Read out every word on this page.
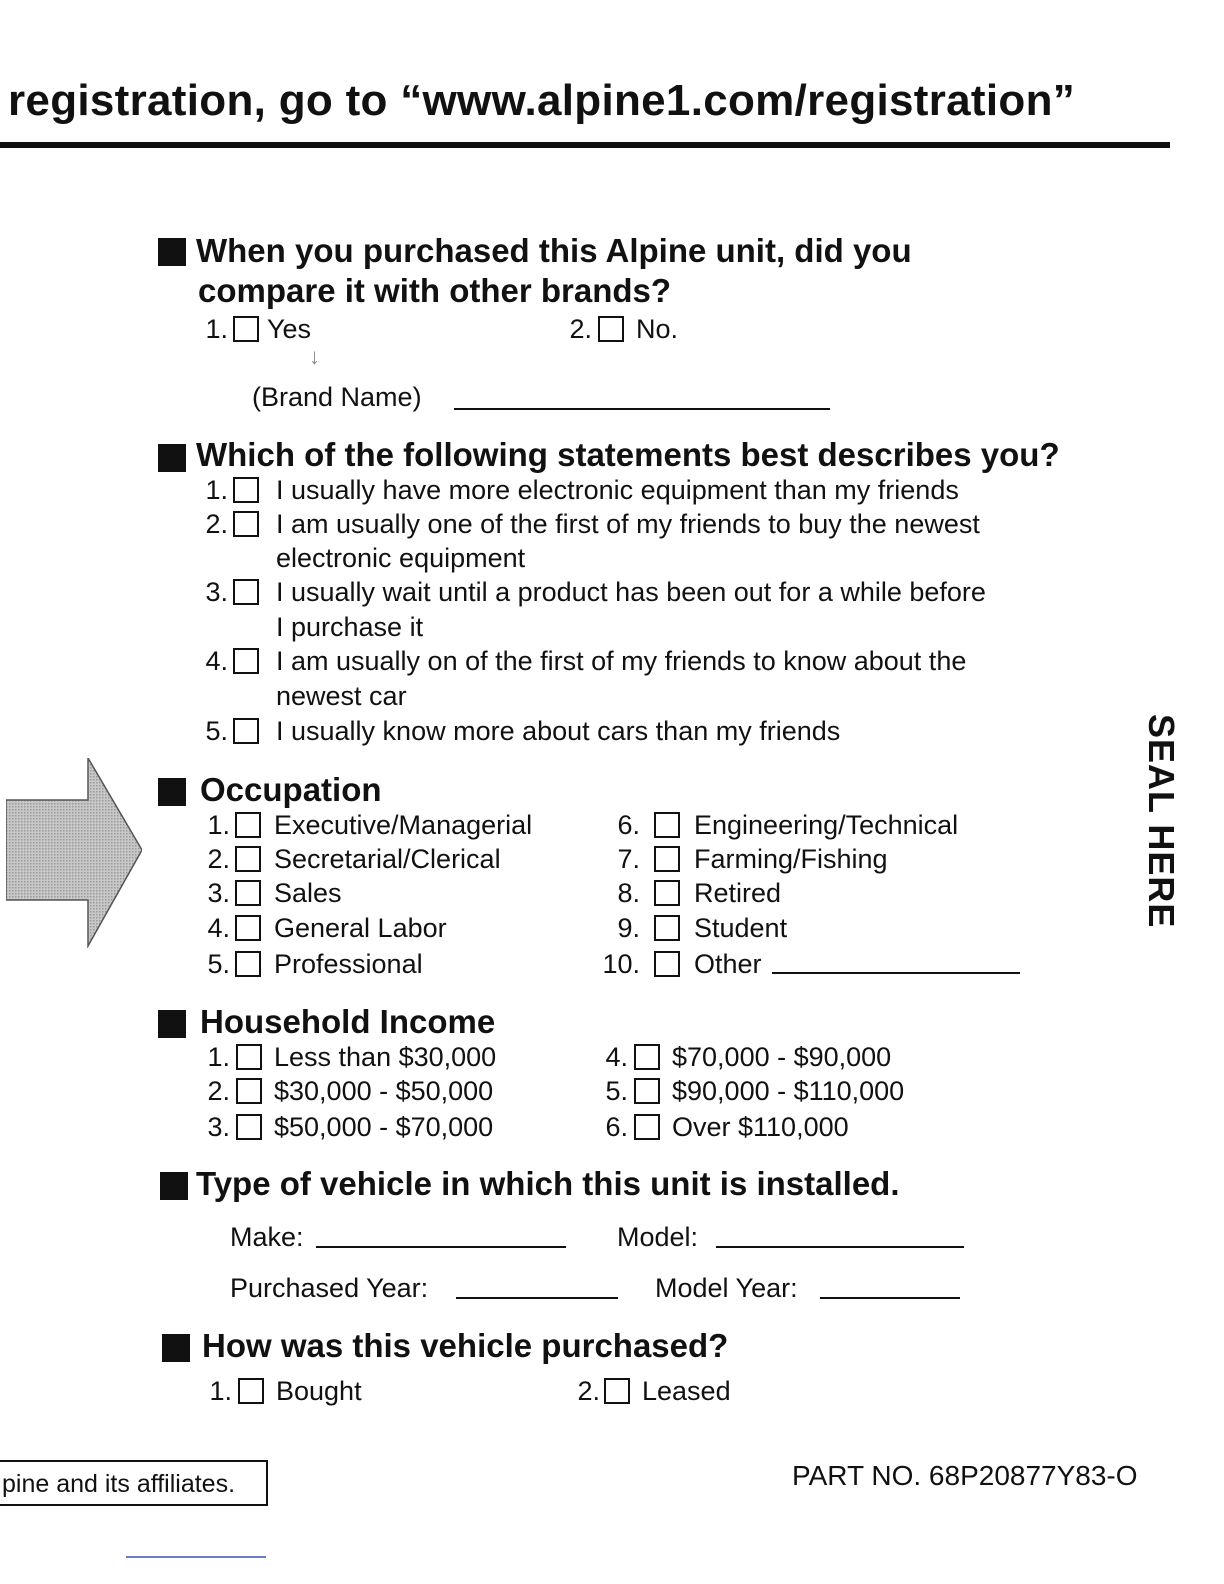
registration, go to “www.alpine1.com/registration”
SEAL HERE
When you purchased this Alpine unit, did you
compare it with other brands?
1. Yes	2. No.
↓
(Brand Name)
Which of the following statements best describes you?
1. I usually have more electronic equipment than my friends
2. I am usually one of the first of my friends to buy the newest
electronic equipment
3. I usually wait until a product has been out for a while before
I purchase it
4. I am usually on of the first of my friends to know about the
newest car
5. I usually know more about cars than my friends
Occupation
1. Executive/Managerial
2. Secretarial/Clerical
3. Sales
4. General Labor
5. Professional
6. Engineering/Technical
7. Farming/Fishing
8. Retired
9. Student
10. Other
Household Income
1. Less than $30,000
2. $30,000 - $50,000
3. $50,000 - $70,000
4. $70,000 - $90,000
5. $90,000 - $110,000
6. Over $110,000
Type of vehicle in which this unit is installed.
Make:	Model:
Purchased Year:	Model Year:
How was this vehicle purchased?
1. Bought	2. Leased
pine and its affiliates.	PART NO. 68P20877Y83-O
